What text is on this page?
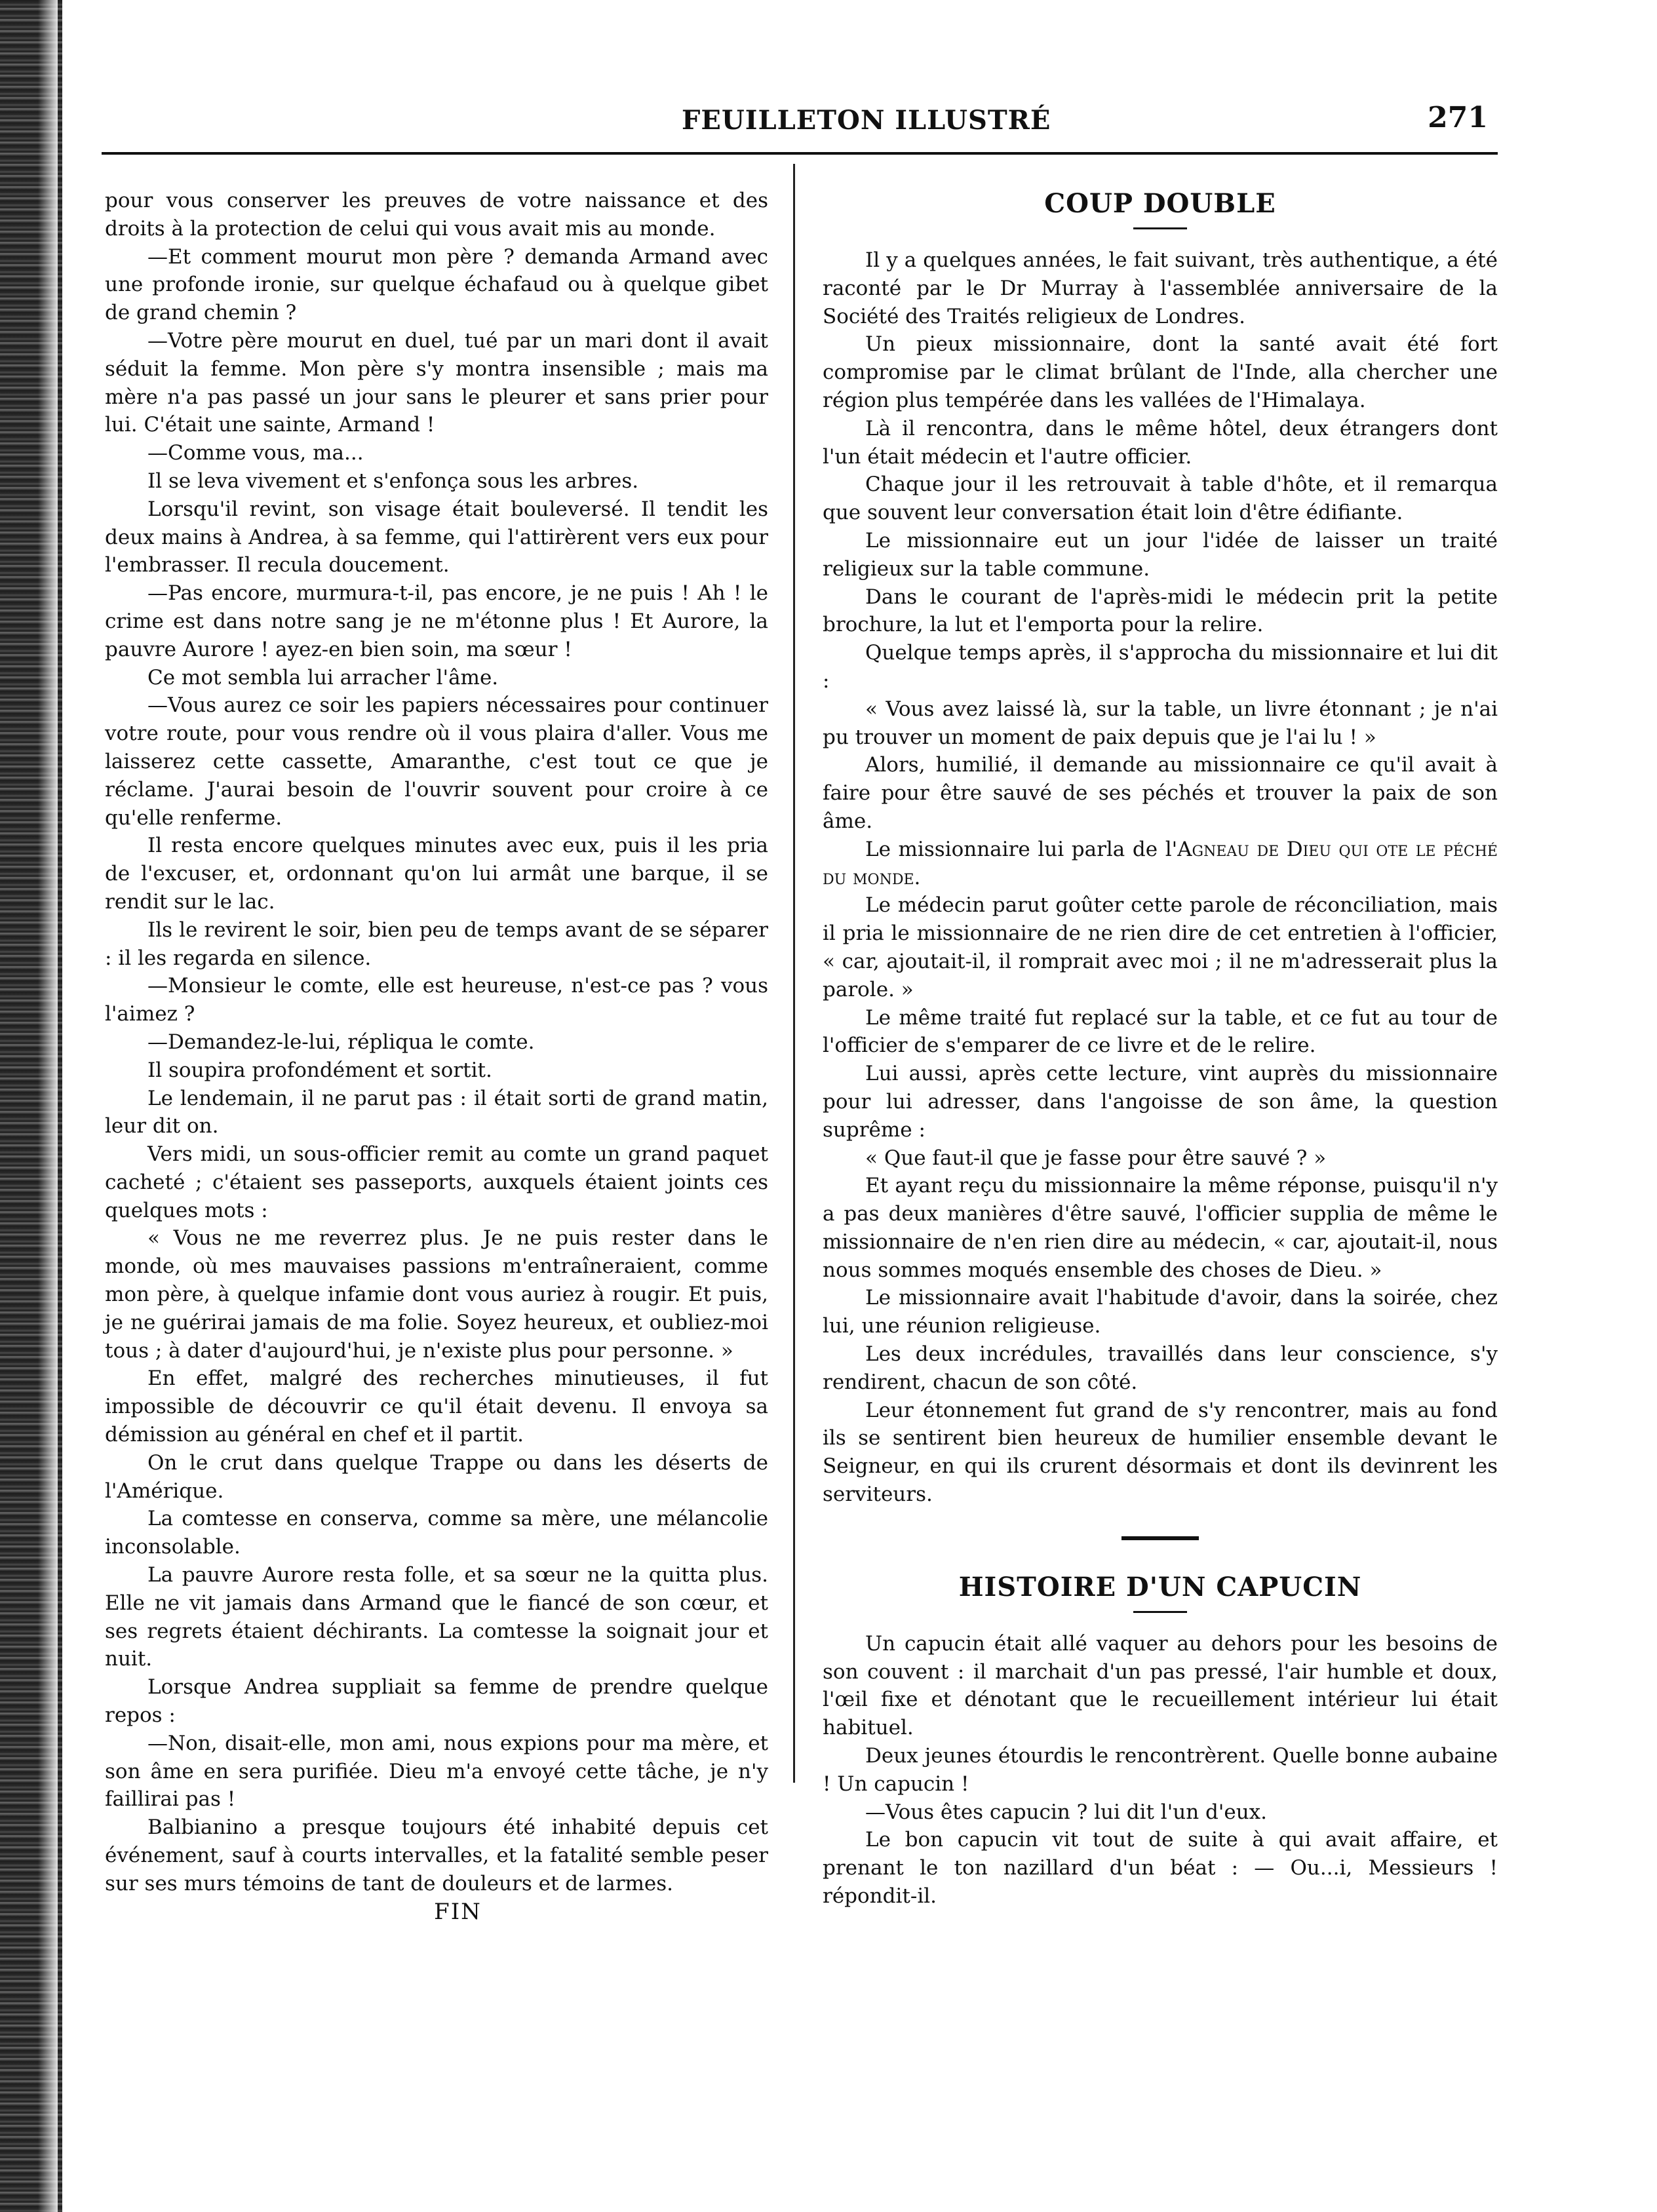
FEUILLETON ILLUSTRÉ	271

pour vous conserver les preuves de votre naissance et des droits à la protection de celui qui vous avait mis au monde.

—Et comment mourut mon père ? demanda Armand avec une profonde ironie, sur quelque échafaud ou à quelque gibet de grand chemin ?

—Votre père mourut en duel, tué par un mari dont il avait séduit la femme. Mon père s'y montra insensible ; mais ma mère n'a pas passé un jour sans le pleurer et sans prier pour lui. C'était une sainte, Armand !

—Comme vous, ma...

Il se leva vivement et s'enfonça sous les arbres.

Lorsqu'il revint, son visage était bouleversé. Il tendit les deux mains à Andrea, à sa femme, qui l'attirèrent vers eux pour l'embrasser. Il recula doucement.

—Pas encore, murmura-t-il, pas encore, je ne puis ! Ah ! le crime est dans notre sang je ne m'étonne plus ! Et Aurore, la pauvre Aurore ! ayez-en bien soin, ma sœur !

Ce mot sembla lui arracher l'âme.

—Vous aurez ce soir les papiers nécessaires pour continuer votre route, pour vous rendre où il vous plaira d'aller. Vous me laisserez cette cassette, Amaranthe, c'est tout ce que je réclame. J'aurai besoin de l'ouvrir souvent pour croire à ce qu'elle renferme.

Il resta encore quelques minutes avec eux, puis il les pria de l'excuser, et, ordonnant qu'on lui armât une barque, il se rendit sur le lac.

Ils le revirent le soir, bien peu de temps avant de se séparer : il les regarda en silence.

—Monsieur le comte, elle est heureuse, n'est-ce pas ? vous l'aimez ?

—Demandez-le-lui, répliqua le comte.

Il soupira profondément et sortit.

Le lendemain, il ne parut pas : il était sorti de grand matin, leur dit on.

Vers midi, un sous-officier remit au comte un grand paquet cacheté ; c'étaient ses passeports, auxquels étaient joints ces quelques mots :

« Vous ne me reverrez plus. Je ne puis rester dans le monde, où mes mauvaises passions m'entraîneraient, comme mon père, à quelque infamie dont vous auriez à rougir. Et puis, je ne guérirai jamais de ma folie. Soyez heureux, et oubliez-moi tous ; à dater d'aujourd'hui, je n'existe plus pour personne. »

En effet, malgré des recherches minutieuses, il fut impossible de découvrir ce qu'il était devenu. Il envoya sa démission au général en chef et il partit.

On le crut dans quelque Trappe ou dans les déserts de l'Amérique.

La comtesse en conserva, comme sa mère, une mélancolie inconsolable.

La pauvre Aurore resta folle, et sa sœur ne la quitta plus. Elle ne vit jamais dans Armand que le fiancé de son cœur, et ses regrets étaient déchirants. La comtesse la soignait jour et nuit.

Lorsque Andrea suppliait sa femme de prendre quelque repos :

—Non, disait-elle, mon ami, nous expions pour ma mère, et son âme en sera purifiée. Dieu m'a envoyé cette tâche, je n'y faillirai pas !

Balbianino a presque toujours été inhabité depuis cet événement, sauf à courts intervalles, et la fatalité semble peser sur ses murs témoins de tant de douleurs et de larmes.

FIN

COUP DOUBLE

Il y a quelques années, le fait suivant, très authentique, a été raconté par le Dr Murray à l'assemblée anniversaire de la Société des Traités religieux de Londres.

Un pieux missionnaire, dont la santé avait été fort compromise par le climat brûlant de l'Inde, alla chercher une région plus tempérée dans les vallées de l'Himalaya.

Là il rencontra, dans le même hôtel, deux étrangers dont l'un était médecin et l'autre officier.

Chaque jour il les retrouvait à table d'hôte, et il remarqua que souvent leur conversation était loin d'être édifiante.

Le missionnaire eut un jour l'idée de laisser un traité religieux sur la table commune.

Dans le courant de l'après-midi le médecin prit la petite brochure, la lut et l'emporta pour la relire.

Quelque temps après, il s'approcha du missionnaire et lui dit :

« Vous avez laissé là, sur la table, un livre étonnant ; je n'ai pu trouver un moment de paix depuis que je l'ai lu ! »

Alors, humilié, il demande au missionnaire ce qu'il avait à faire pour être sauvé de ses péchés et trouver la paix de son âme.

Le missionnaire lui parla de l'Agneau de Dieu qui ote le péché du monde.

Le médecin parut goûter cette parole de réconciliation, mais il pria le missionnaire de ne rien dire de cet entretien à l'officier, « car, ajoutait-il, il romprait avec moi ; il ne m'adresserait plus la parole. »

Le même traité fut replacé sur la table, et ce fut au tour de l'officier de s'emparer de ce livre et de le relire.

Lui aussi, après cette lecture, vint auprès du missionnaire pour lui adresser, dans l'angoisse de son âme, la question suprême :

« Que faut-il que je fasse pour être sauvé ? »

Et ayant reçu du missionnaire la même réponse, puisqu'il n'y a pas deux manières d'être sauvé, l'officier supplia de même le missionnaire de n'en rien dire au médecin, « car, ajoutait-il, nous nous sommes moqués ensemble des choses de Dieu. »

Le missionnaire avait l'habitude d'avoir, dans la soirée, chez lui, une réunion religieuse.

Les deux incrédules, travaillés dans leur conscience, s'y rendirent, chacun de son côté.

Leur étonnement fut grand de s'y rencontrer, mais au fond ils se sentirent bien heureux de humilier ensemble devant le Seigneur, en qui ils crurent désormais et dont ils devinrent les serviteurs.

HISTOIRE D'UN CAPUCIN

Un capucin était allé vaquer au dehors pour les besoins de son couvent : il marchait d'un pas pressé, l'air humble et doux, l'œil fixe et dénotant que le recueillement intérieur lui était habituel.

Deux jeunes étourdis le rencontrèrent. Quelle bonne aubaine ! Un capucin !

—Vous êtes capucin ? lui dit l'un d'eux.

Le bon capucin vit tout de suite à qui avait affaire, et prenant le ton nazillard d'un béat : — Ou...i, Messieurs ! répondit-il.
